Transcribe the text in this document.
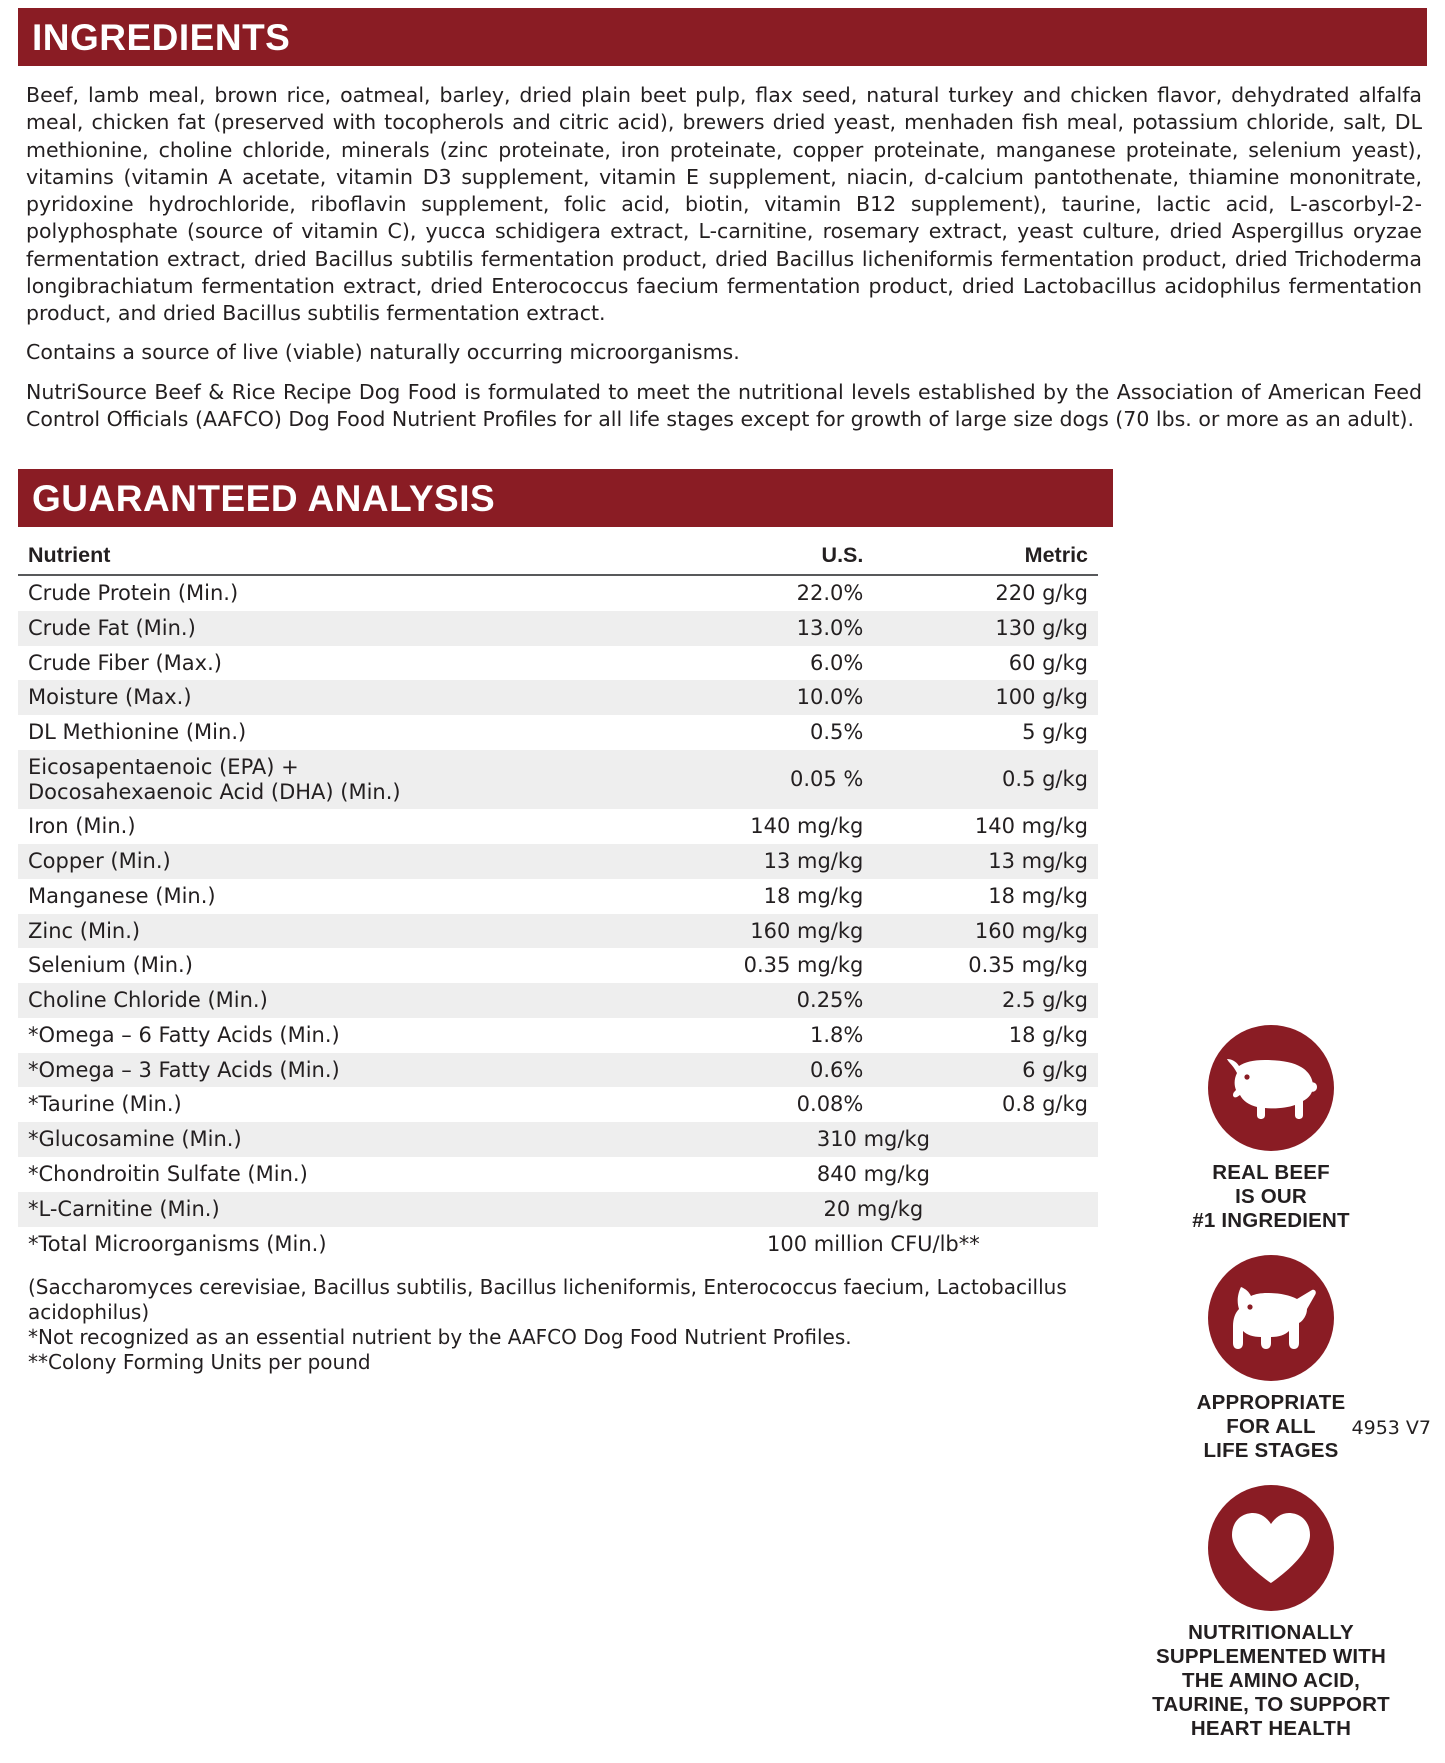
INGREDIENTS

Beef, lamb meal, brown rice, oatmeal, barley, dried plain beet pulp, flax seed, natural turkey and chicken flavor, dehydrated alfalfa meal, chicken fat (preserved with tocopherols and citric acid), brewers dried yeast, menhaden fish meal, potassium chloride, salt, DL methionine, choline chloride, minerals (zinc proteinate, iron proteinate, copper proteinate, manganese proteinate, selenium yeast), vitamins (vitamin A acetate, vitamin D3 supplement, vitamin E supplement, niacin, d-calcium pantothenate, thiamine mononitrate, pyridoxine hydrochloride, riboflavin supplement, folic acid, biotin, vitamin B12 supplement), taurine, lactic acid, L-ascorbyl-2-polyphosphate (source of vitamin C), yucca schidigera extract, L-carnitine, rosemary extract, yeast culture, dried Aspergillus oryzae fermentation extract, dried Bacillus subtilis fermentation product, dried Bacillus licheniformis fermentation product, dried Trichoderma longibrachiatum fermentation extract, dried Enterococcus faecium fermentation product, dried Lactobacillus acidophilus fermentation product, and dried Bacillus subtilis fermentation extract.

Contains a source of live (viable) naturally occurring microorganisms.

NutriSource Beef & Rice Recipe Dog Food is formulated to meet the nutritional levels established by the Association of American Feed Control Officials (AAFCO) Dog Food Nutrient Profiles for all life stages except for growth of large size dogs (70 lbs. or more as an adult).

GUARANTEED ANALYSIS
Nutrient	U.S.	Metric
Crude Protein (Min.)	22.0%	220 g/kg
Crude Fat (Min.)	13.0%	130 g/kg
Crude Fiber (Max.)	6.0%	60 g/kg
Moisture (Max.)	10.0%	100 g/kg
DL Methionine (Min.)	0.5%	5 g/kg
Eicosapentaenoic (EPA) +
Docosahexaenoic Acid (DHA) (Min.)	0.05 %	0.5 g/kg
Iron (Min.)	140 mg/kg	140 mg/kg
Copper (Min.)	13 mg/kg	13 mg/kg
Manganese (Min.)	18 mg/kg	18 mg/kg
Zinc (Min.)	160 mg/kg	160 mg/kg
Selenium (Min.)	0.35 mg/kg	0.35 mg/kg
Choline Chloride (Min.)	0.25%	2.5 g/kg
*Omega – 6 Fatty Acids (Min.)	1.8%	18 g/kg
*Omega – 3 Fatty Acids (Min.)	0.6%	6 g/kg
*Taurine (Min.)	0.08%	0.8 g/kg
*Glucosamine (Min.)	310 mg/kg	
*Chondroitin Sulfate (Min.)	840 mg/kg	
*L-Carnitine (Min.)	20 mg/kg	
*Total Microorganisms (Min.)	100 million CFU/lb**	
(Saccharomyces cerevisiae, Bacillus subtilis, Bacillus licheniformis, Enterococcus faecium, Lactobacillus acidophilus)
*Not recognized as an essential nutrient by the AAFCO Dog Food Nutrient Profiles.
**Colony Forming Units per pound
REAL BEEF
IS OUR
#1 INGREDIENT
APPROPRIATE
FOR ALL
LIFE STAGES
NUTRITIONALLY
SUPPLEMENTED WITH
THE AMINO ACID,
TAURINE, TO SUPPORT
HEART HEALTH
4953 V7
